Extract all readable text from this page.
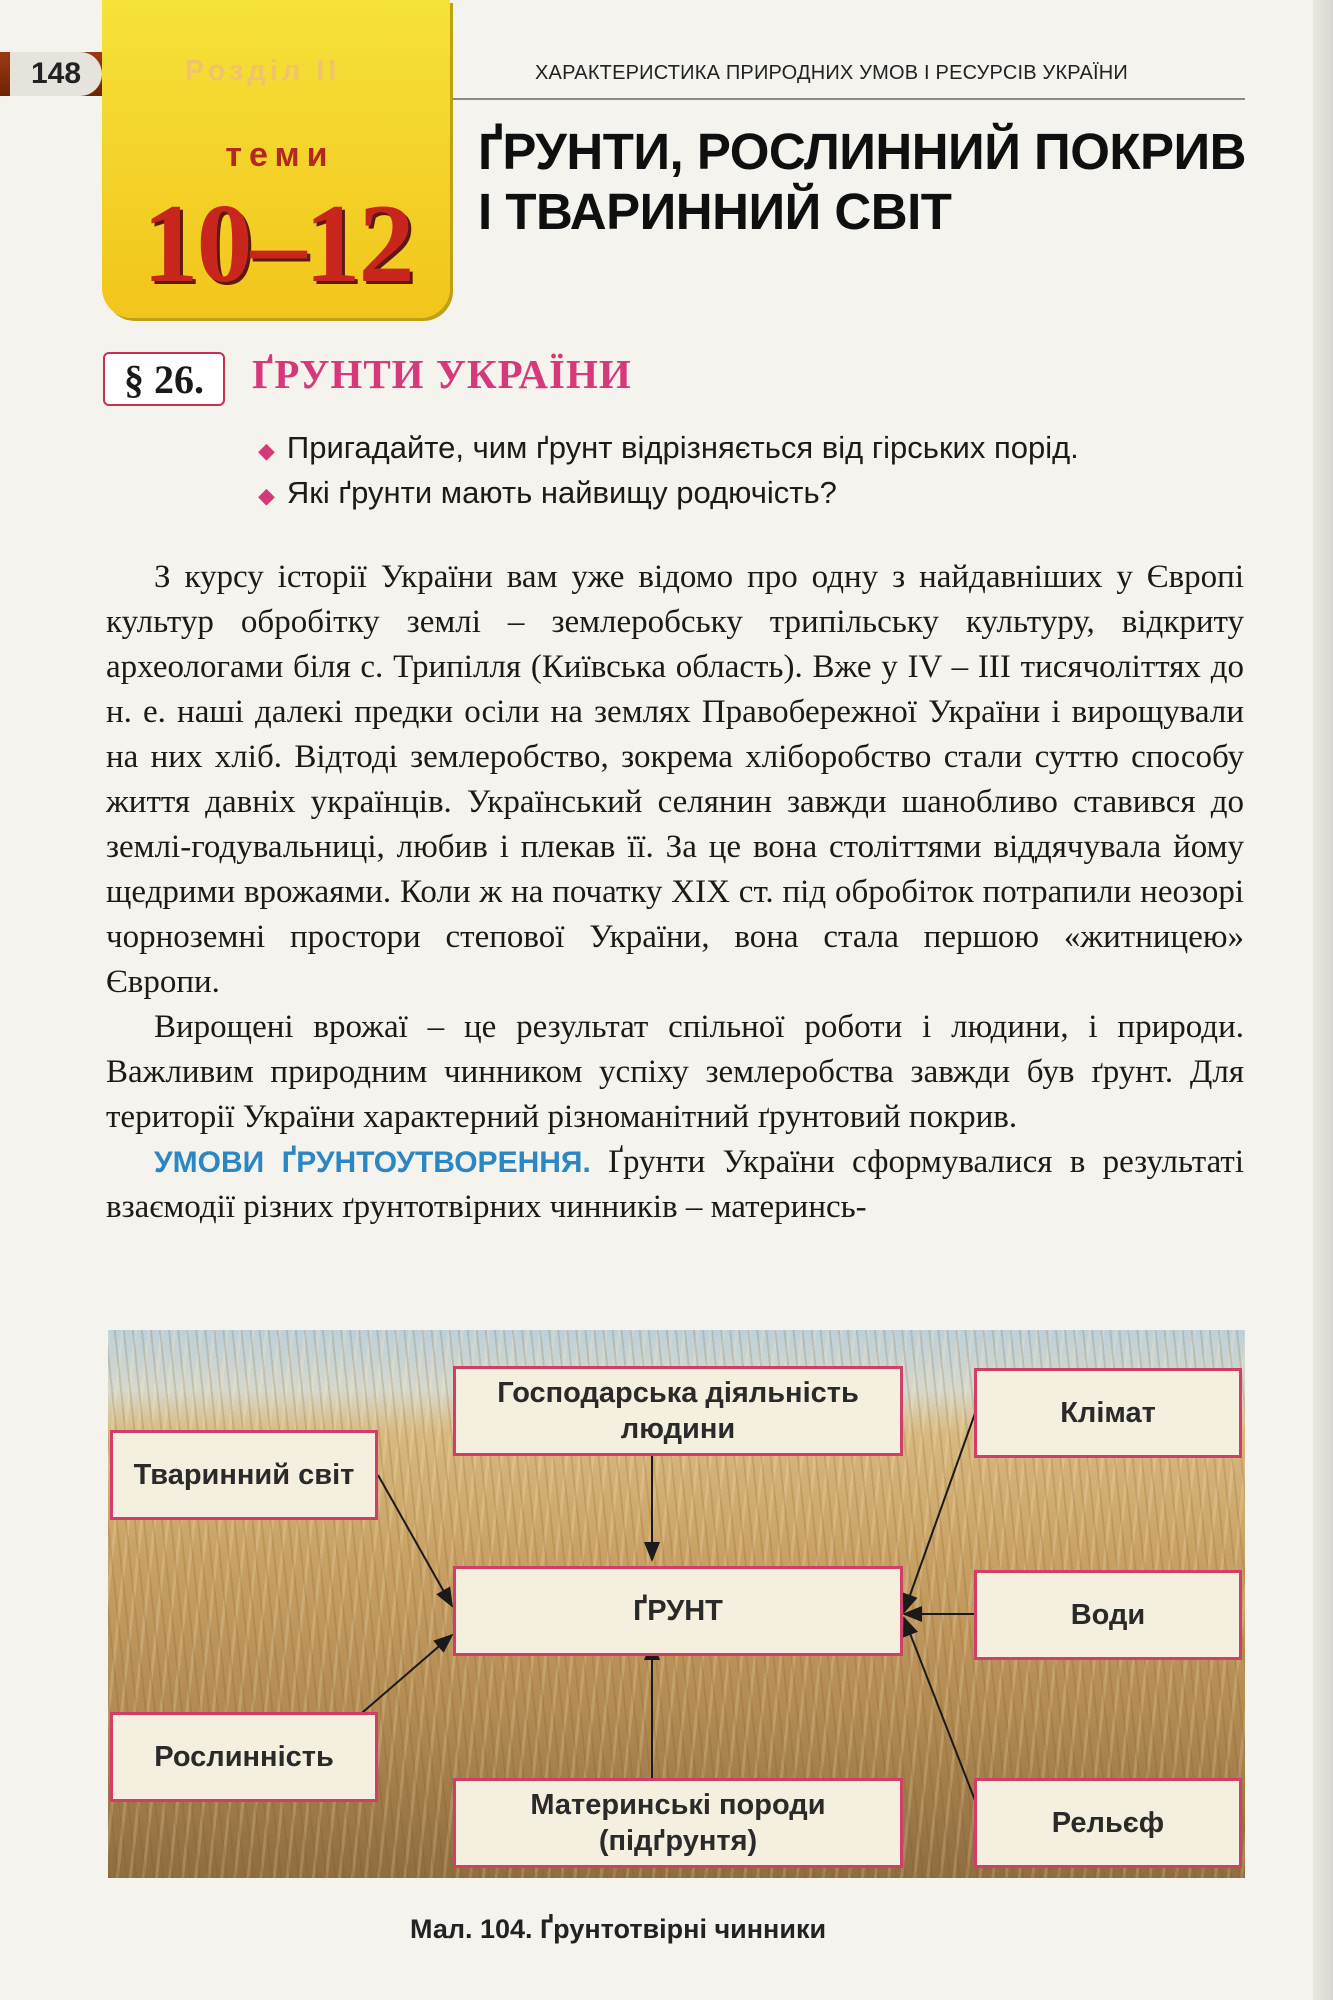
148	Розділ II	ХАРАКТЕРИСТИКА ПРИРОДНИХ УМОВ І РЕСУРСІВ УКРАЇНИ
теми
10–12
ҐРУНТИ, РОСЛИННИЙ ПОКРИВ
І ТВАРИННИЙ СВІТ
§ 26.	ҐРУНТИ УКРАЇНИ
◆ Пригадайте, чим ґрунт відрізняється від гірських порід.
◆ Які ґрунти мають найвищу родючість?

З курсу історії України вам уже відомо про одну з найдавніших у Європі культур обробітку землі – землеробську трипільську культуру, відкриту археологами біля с. Трипілля (Київська область). Вже у IV – III тисячоліттях до н. е. наші далекі предки осіли на землях Правобережної України і вирощували на них хліб. Відтоді землеробство, зокрема хліборобство стали суттю способу життя давніх українців. Український селянин завжди шанобливо ставився до землі-годувальниці, любив і плекав її. За це вона століттями віддячувала йому щедрими врожаями. Коли ж на початку XIX ст. під обробіток потрапили неозорі чорноземні простори степової України, вона стала першою «житницею» Європи.

Вирощені врожаї – це результат спільної роботи і людини, і природи. Важливим природним чинником успіху землеробства завжди був ґрунт. Для території України характерний різноманітний ґрунтовий покрив.

УМОВИ ҐРУНТОУТВОРЕННЯ. Ґрунти України сформувалися в результаті взаємодії різних ґрунтотвірних чинників – материнсь-

Господарська діяльність людини
Тваринний світ
Клімат
ҐРУНТ	Води
Рослинність
Материнські породи (підґрунтя)
Рельєф
Мал. 104. Ґрунтотвірні чинники
